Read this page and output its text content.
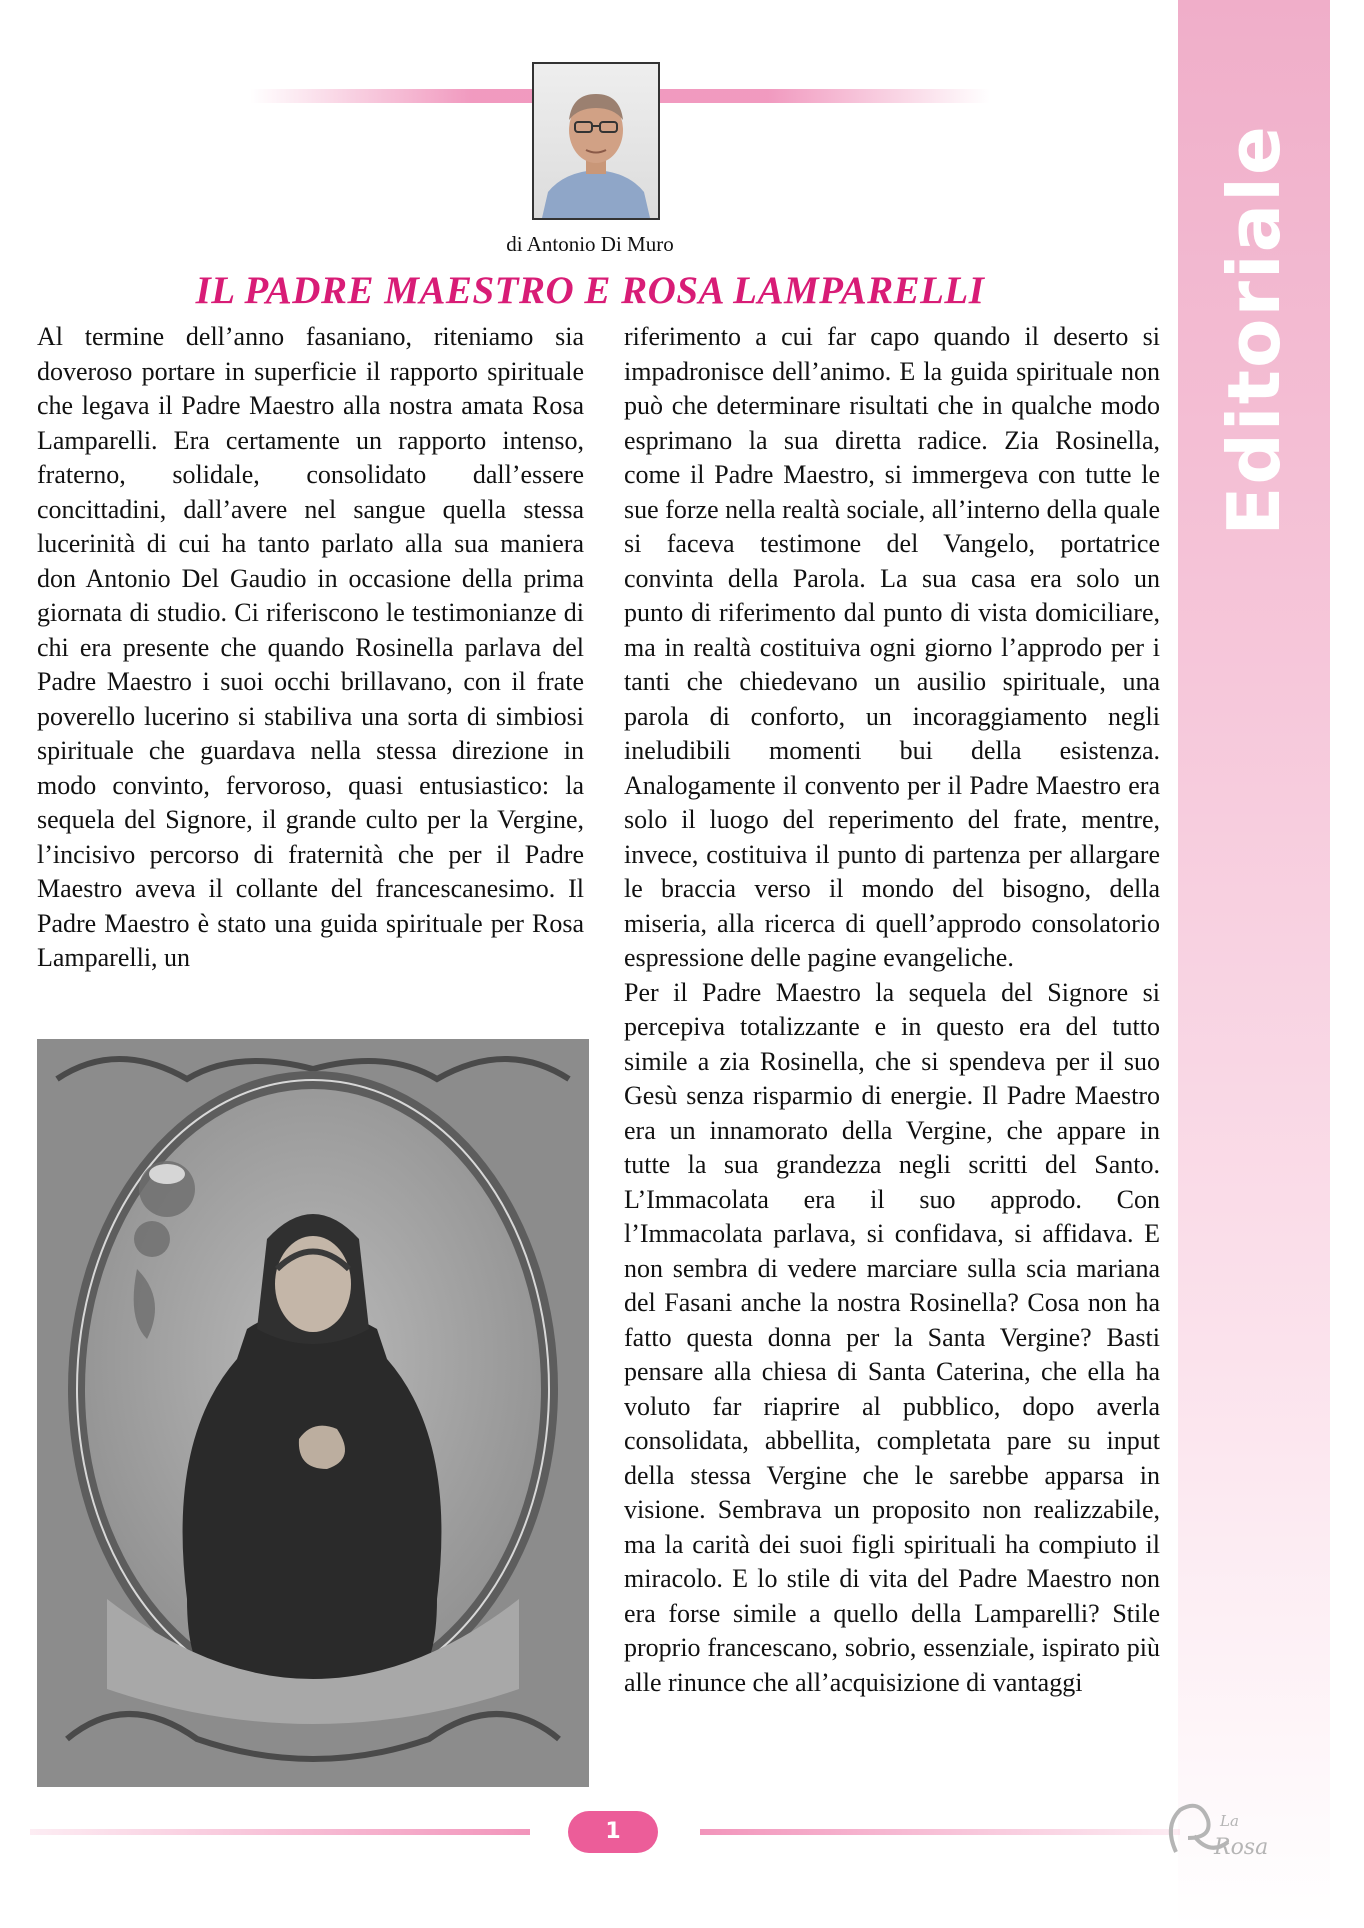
Editoriale
di Antonio Di Muro
IL PADRE MAESTRO E ROSA LAMPARELLI

Al termine dell’anno fasaniano, riteniamo sia doveroso portare in superficie il rapporto spirituale che legava il Padre Maestro alla nostra amata Rosa Lamparelli. Era certamente un rapporto intenso, fraterno, solidale, consolidato dall’essere concittadini, dall’avere nel sangue quella stessa lucerinità di cui ha tanto parlato alla sua maniera don Antonio Del Gaudio in occasione della prima giornata di studio. Ci riferiscono le testimonianze di chi era presente che quando Rosinella parlava del Padre Maestro i suoi occhi brillavano, con il frate poverello lucerino si stabiliva una sorta di simbiosi spirituale che guardava nella stessa direzione in modo convinto, fervoroso, quasi entusiastico: la sequela del Signore, il grande culto per la Vergine, l’incisivo percorso di fraternità che per il Padre Maestro aveva il collante del francescanesimo. Il Padre Maestro è stato una guida spirituale per Rosa Lamparelli, un

riferimento a cui far capo quando il deserto si impadronisce dell’animo. E la guida spirituale non può che determinare risultati che in qualche modo esprimano la sua diretta radice. Zia Rosinella, come il Padre Maestro, si immergeva con tutte le sue forze nella realtà sociale, all’interno della quale si faceva testimone del Vangelo, portatrice convinta della Parola. La sua casa era solo un punto di riferimento dal punto di vista domiciliare, ma in realtà costituiva ogni giorno l’approdo per i tanti che chiedevano un ausilio spirituale, una parola di conforto, un incoraggiamento negli ineludibili momenti bui della esistenza. Analogamente il convento per il Padre Maestro era solo il luogo del reperimento del frate, mentre, invece, costituiva il punto di partenza per allargare le braccia verso il mondo del bisogno, della miseria, alla ricerca di quell’approdo consolatorio espressione delle pagine evangeliche.

Per il Padre Maestro la sequela del Signore si percepiva totalizzante e in questo era del tutto simile a zia Rosinella, che si spendeva per il suo Gesù senza risparmio di energie. Il Padre Maestro era un innamorato della Vergine, che appare in tutte la sua grandezza negli scritti del Santo. L’Immacolata era il suo approdo. Con l’Immacolata parlava, si confidava, si affidava. E non sembra di vedere marciare sulla scia mariana del Fasani anche la nostra Rosinella? Cosa non ha fatto questa donna per la Santa Vergine? Basti pensare alla chiesa di Santa Caterina, che ella ha voluto far riaprire al pubblico, dopo averla consolidata, abbellita, completata pare su input della stessa Vergine che le sarebbe apparsa in visione. Sembrava un proposito non realizzabile, ma la carità dei suoi figli spirituali ha compiuto il miracolo. E lo stile di vita del Padre Maestro non era forse simile a quello della Lamparelli? Stile proprio francescano, sobrio, essenziale, ispirato più alle rinunce che all’acquisizione di vantaggi

1	La
Rosa
